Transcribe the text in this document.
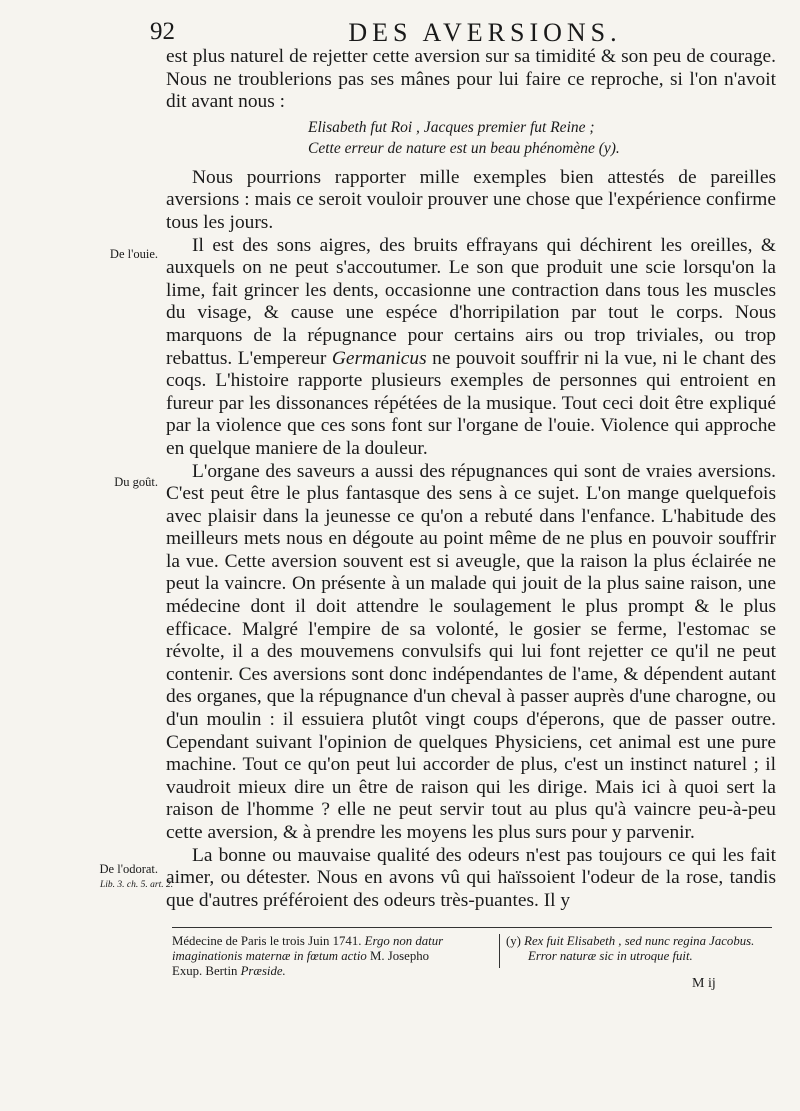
92	DES AVERSIONS.
De l'ouie.
Du goût.
De l'odorat.
Lib. 3. ch. 5. art. 2.

est plus naturel de rejetter cette aversion sur sa timidité & son peu de courage. Nous ne troublerions pas ses mânes pour lui faire ce reproche, si l'on n'avoit dit avant nous :

Elisabeth fut Roi , Jacques premier fut Reine ;
Cette erreur de nature est un beau phénomène (y).

Nous pourrions rapporter mille exemples bien attestés de pareilles aversions : mais ce seroit vouloir prouver une chose que l'expérience confirme tous les jours.

Il est des sons aigres, des bruits effrayans qui déchirent les oreilles, & auxquels on ne peut s'accoutumer. Le son que produit une scie lorsqu'on la lime, fait grincer les dents, occasionne une contraction dans tous les muscles du visage, & cause une espéce d'horripilation par tout le corps. Nous marquons de la répugnance pour certains airs ou trop triviales, ou trop rebattus. L'empereur Germanicus ne pouvoit souffrir ni la vue, ni le chant des coqs. L'histoire rapporte plusieurs exemples de personnes qui entroient en fureur par les dissonances répétées de la musique. Tout ceci doit être expliqué par la violence que ces sons font sur l'organe de l'ouie. Violence qui approche en quelque maniere de la douleur.

L'organe des saveurs a aussi des répugnances qui sont de vraies aversions. C'est peut être le plus fantasque des sens à ce sujet. L'on mange quelquefois avec plaisir dans la jeunesse ce qu'on a rebuté dans l'enfance. L'habitude des meilleurs mets nous en dégoute au point même de ne plus en pouvoir souffrir la vue. Cette aversion souvent est si aveugle, que la raison la plus éclairée ne peut la vaincre. On présente à un malade qui jouit de la plus saine raison, une médecine dont il doit attendre le soulagement le plus prompt & le plus efficace. Malgré l'empire de sa volonté, le gosier se ferme, l'estomac se révolte, il a des mouvemens convulsifs qui lui font rejetter ce qu'il ne peut contenir. Ces aversions sont donc indépendantes de l'ame, & dépendent autant des organes, que la répugnance d'un cheval à passer auprès d'une charogne, ou d'un moulin : il essuiera plutôt vingt coups d'éperons, que de passer outre. Cependant suivant l'opinion de quelques Physiciens, cet animal est une pure machine. Tout ce qu'on peut lui accorder de plus, c'est un instinct naturel ; il vaudroit mieux dire un être de raison qui les dirige. Mais ici à quoi sert la raison de l'homme ? elle ne peut servir tout au plus qu'à vaincre peu-à-peu cette aversion, & à prendre les moyens les plus surs pour y parvenir.

La bonne ou mauvaise qualité des odeurs n'est pas toujours ce qui les fait aimer, ou détester. Nous en avons vû qui haïssoient l'odeur de la rose, tandis que d'autres préféroient des odeurs très-puantes. Il y

Médecine de Paris le trois Juin 1741. Ergo non datur
imaginationis maternæ in fœtum actio M. Josepho
Exup. Bertin Præside.
(y) Rex fuit Elisabeth , sed nunc regina Jacobus.
Error naturæ sic in utroque fuit.
M ij
